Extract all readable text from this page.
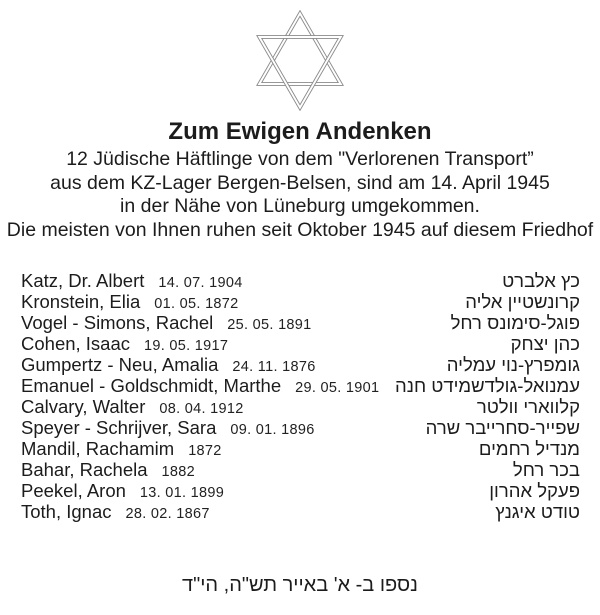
Zum Ewigen Andenken
12 Jüdische Häftlinge von dem "Verlorenen Transport”
aus dem KZ-Lager Bergen-Belsen, sind am 14. April 1945
in der Nähe von Lüneburg umgekommen.
Die meisten von Ihnen ruhen seit Oktober 1945 auf diesem Friedhof
Katz, Dr. Albert 14. 07. 1904	כץ אלברט
Kronstein, Elia 01. 05. 1872	קרונשטיין אליה
Vogel - Simons, Rachel 25. 05. 1891	פוגל-סימונס רחל
Cohen, Isaac 19. 05. 1917	כהן יצחק
Gumpertz - Neu, Amalia 24. 11. 1876	גומפרץ-נוי עמליה
Emanuel - Goldschmidt, Marthe 29. 05. 1901 עמנואל-גולדשמידט חנה
Calvary, Walter 08. 04. 1912	קלווארי וולטר
Speyer - Schrijver, Sara 09. 01. 1896	שפייר-סחרייבר שרה
Mandil, Rachamim 1872	מנדיל רחמים
Bahar, Rachela 1882	בכר רחל
Peekel, Aron 13. 01. 1899	פעקל אהרון
Toth, Ignac 28. 02. 1867	טודט איגנץ
נספו ב- א' באייר תש"ה, הי"ד
